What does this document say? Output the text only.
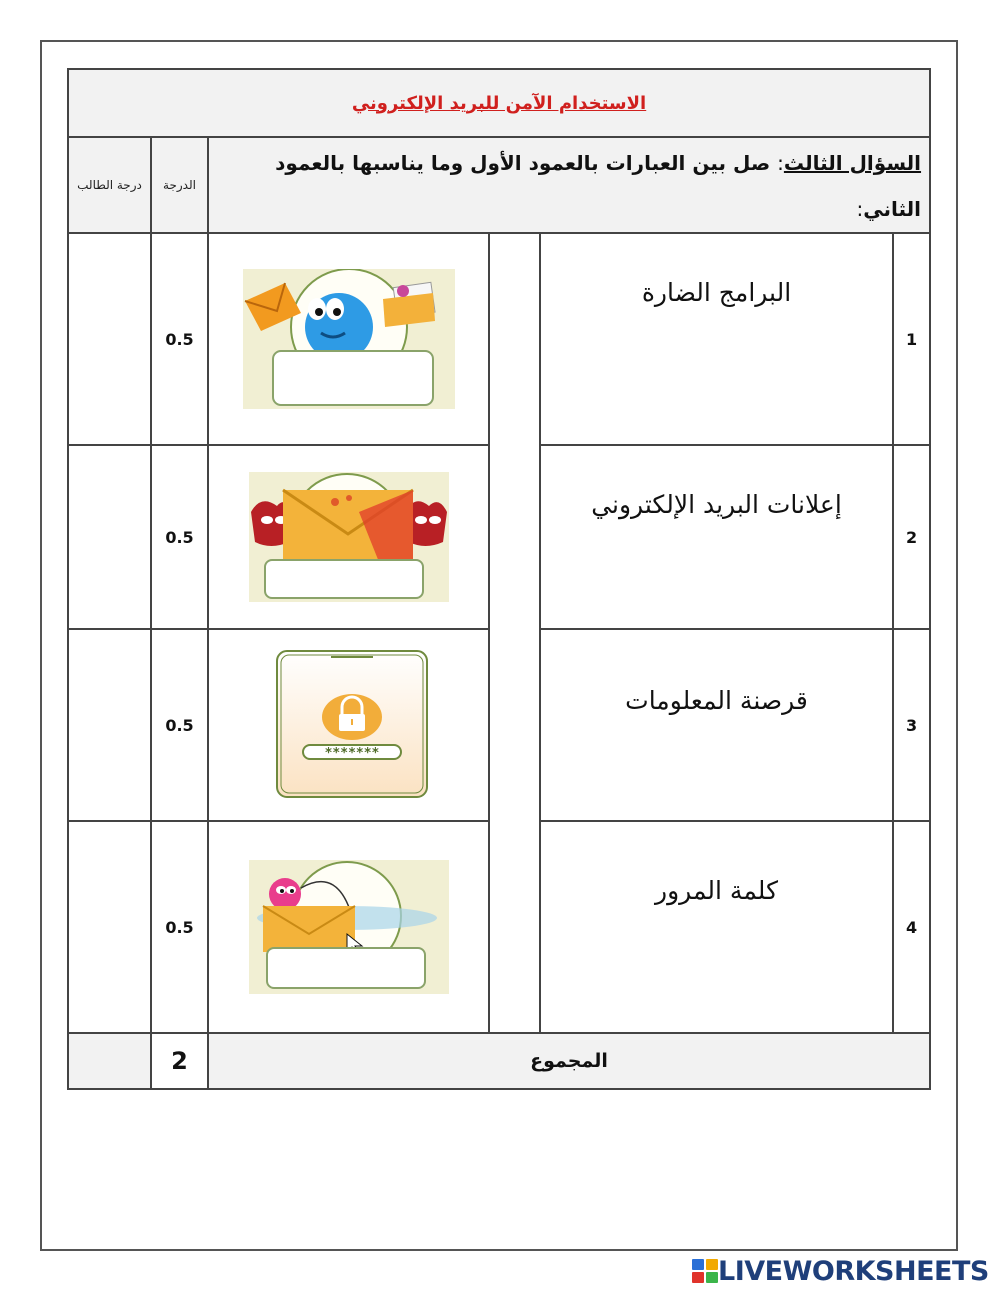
الاستخدام الآمن للبريد الإلكتروني					

درجة الطالب	الدرجة	السؤال الثالث: صل بين العبارات بالعمود الأول وما يناسبها بالعمود الثاني:			
	0.5			البرامج الضارة	1
	0.5			إعلانات البريد الإلكتروني	2
	0.5	*******		قرصنة المعلومات	3
	0.5			كلمة المرور	4
	2	المجموع			
LIVEWORKSHEETS
